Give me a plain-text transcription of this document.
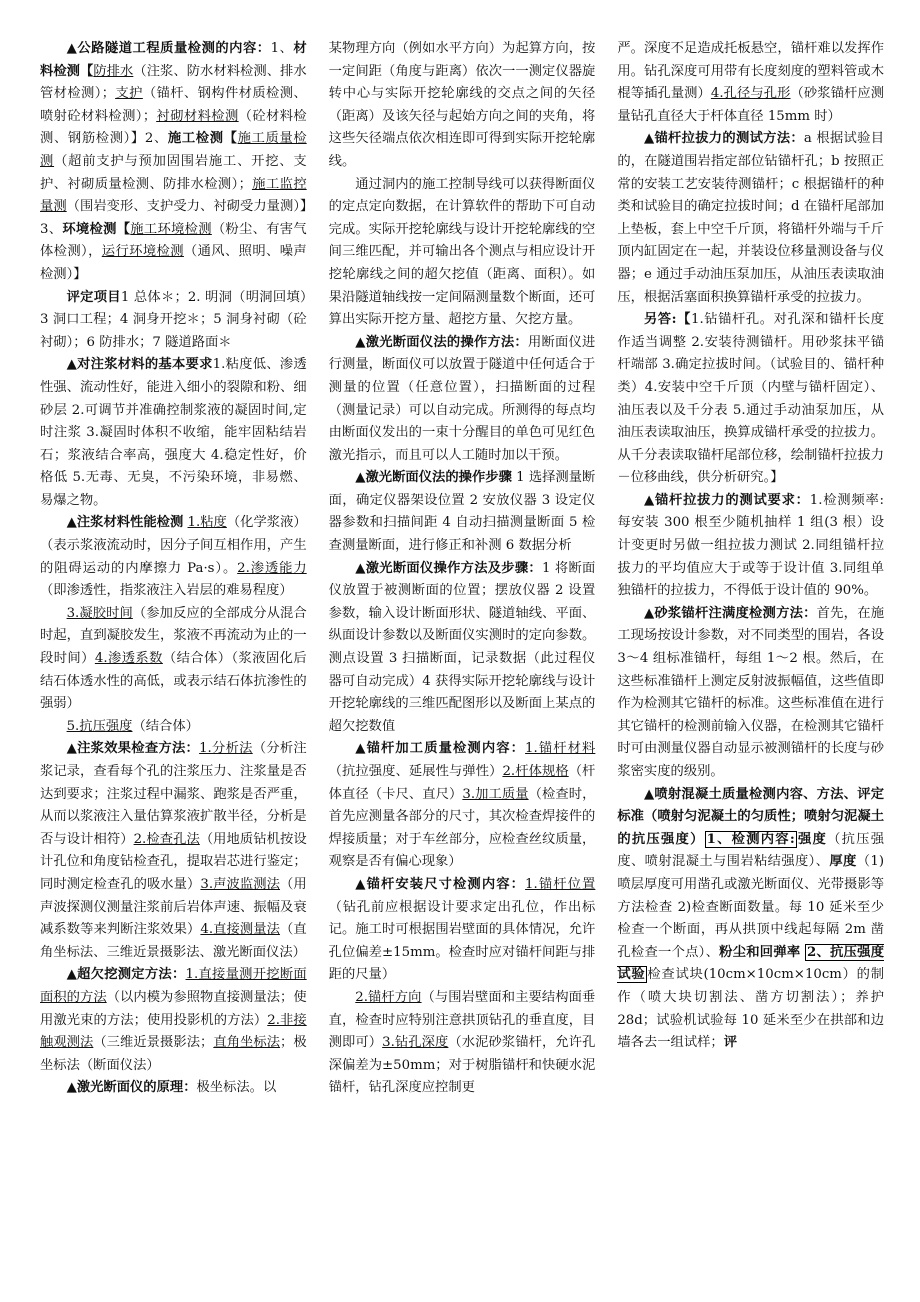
▲公路隧道工程质量检测的内容：1、材料检测【防排水（注浆、防水材料检测、排水管材检测）；支护（锚杆、钢构件材质检测、喷射砼材料检测）；衬砌材料检测（砼材料检测、钢筋检测）】2、施工检测【施工质量检测（超前支护与预加固围岩施工、开挖、支护、衬砌质量检测、防排水检测）；施工监控量测（围岩变形、支护受力、衬砌受力量测）】3、环境检测【施工环境检测（粉尘、有害气体检测），运行环境检测（通风、照明、噪声检测）】

评定项目1 总体＊；2. 明洞（明洞回填）3 洞口工程；4 洞身开挖＊；5 洞身衬砌（砼衬砌）；6 防排水；7 隧道路面＊

▲对注浆材料的基本要求1.粘度低、渗透性强、流动性好，能进入细小的裂隙和粉、细砂层 2.可调节并准确控制浆液的凝固时间,定时注浆 3.凝固时体积不收缩，能牢固粘结岩石；浆液结合率高，强度大 4.稳定性好，价格低 5.无毒、无臭，不污染环境，非易燃、易爆之物。

▲注浆材料性能检测 1.粘度（化学浆液）（表示浆液流动时，因分子间互相作用，产生的阻碍运动的内摩擦力 Pa·s）。2.渗透能力（即渗透性，指浆液注入岩层的难易程度）

3.凝胶时间（参加反应的全部成分从混合时起，直到凝胶发生，浆液不再流动为止的一段时间）4.渗透系数（结合体）（浆液固化后结石体透水性的高低，或表示结石体抗渗性的强弱）

5.抗压强度（结合体）

▲注浆效果检查方法：1.分析法（分析注浆记录，查看每个孔的注浆压力、注浆量是否达到要求；注浆过程中漏浆、跑浆是否严重，从而以浆液注入量估算浆液扩散半径，分析是否与设计相符）2.检查孔法（用地质钻机按设计孔位和角度钻检查孔，提取岩芯进行鉴定；同时测定检查孔的吸水量）3.声波监测法（用声波探测仪测量注浆前后岩体声速、振幅及衰减系数等来判断注浆效果）4.直接测量法（直角坐标法、三维近景摄影法、激光断面仪法）

▲超欠挖测定方法：1.直接量测开挖断面面积的方法（以内模为参照物直接测量法；使用激光束的方法；使用投影机的方法）2.非接触观测法（三维近景摄影法；直角坐标法；极坐标法（断面仪法）

▲激光断面仪的原理：极坐标法。以

某物理方向（例如水平方向）为起算方向，按一定间距（角度与距离）依次一一测定仪器旋转中心与实际开挖轮廓线的交点之间的矢径（距离）及该矢径与起始方向之间的夹角，将这些矢径端点依次相连即可得到实际开挖轮廓线。

通过洞内的施工控制导线可以获得断面仪的定点定向数据，在计算软件的帮助下可自动完成。实际开挖轮廓线与设计开挖轮廓线的空间三维匹配，并可输出各个测点与相应设计开挖轮廓线之间的超欠挖值（距离、面积）。如果沿隧道轴线按一定间隔测量数个断面，还可算出实际开挖方量、超挖方量、欠挖方量。

▲激光断面仪法的操作方法：用断面仪进行测量，断面仪可以放置于隧道中任何适合于测量的位置（任意位置），扫描断面的过程（测量记录）可以自动完成。所测得的每点均由断面仪发出的一束十分醒目的单色可见红色激光指示，而且可以人工随时加以干预。

▲激光断面仪法的操作步骤 1 选择测量断面，确定仪器架设位置 2 安放仪器 3 设定仪器参数和扫描间距 4 自动扫描测量断面 5 检查测量断面，进行修正和补测 6 数据分析

▲激光断面仪操作方法及步骤：1 将断面仪放置于被测断面的位置；摆放仪器 2 设置参数，输入设计断面形状、隧道轴线、平面、纵面设计参数以及断面仪实测时的定向参数。测点设置 3 扫描断面，记录数据（此过程仪器可自动完成）4 获得实际开挖轮廓线与设计开挖轮廓线的三维匹配图形以及断面上某点的超欠挖数值

▲锚杆加工质量检测内容：1.锚杆材料（抗拉强度、延展性与弹性）2.杆体规格（杆体直径（卡尺、直尺）3.加工质量（检查时，首先应测量各部分的尺寸，其次检查焊接件的焊接质量；对于车丝部分，应检查丝纹质量，观察是否有偏心现象）

▲锚杆安装尺寸检测内容：1.锚杆位置（钻孔前应根据设计要求定出孔位，作出标记。施工时可根据围岩壁面的具体情况，允许孔位偏差±15mm。检查时应对锚杆间距与排距的尺量）

2.锚杆方向（与围岩壁面和主要结构面垂直，检查时应特别注意拱顶钻孔的垂直度，目测即可）3.钻孔深度（水泥砂浆锚杆，允许孔深偏差为±50mm；对于树脂锚杆和快硬水泥锚杆，钻孔深度应控制更

严。深度不足造成托板悬空，锚杆难以发挥作用。钻孔深度可用带有长度刻度的塑料管或木棍等插孔量测）4.孔径与孔形（砂浆锚杆应测量钻孔直径大于杆体直径 15mm 时）

▲锚杆拉拔力的测试方法：a 根据试验目的，在隧道围岩指定部位钻锚杆孔；b 按照正常的安装工艺安装待测锚杆；c 根据锚杆的种类和试验目的确定拉拔时间；d 在锚杆尾部加上垫板，套上中空千斤顶，将锚杆外端与千斤顶内缸固定在一起，并装设位移量测设备与仪器；e 通过手动油压泵加压，从油压表读取油压，根据活塞面积换算锚杆承受的拉拔力。

另答:【1.钻锚杆孔。对孔深和锚杆长度作适当调整 2.安装待测锚杆。用砂浆抹平锚杆端部 3.确定拉拔时间。（试验目的、锚杆种类）4.安装中空千斤顶（内壁与锚杆固定）、油压表以及千分表 5.通过手动油泵加压，从油压表读取油压，换算成锚杆承受的拉拔力。从千分表读取锚杆尾部位移，绘制锚杆拉拔力－位移曲线，供分析研究。】

▲锚杆拉拔力的测试要求：1.检测频率: 每安装 300 根至少随机抽样 1 组(3 根）设计变更时另做一组拉拔力测试 2.同组锚杆拉拔力的平均值应大于或等于设计值 3.同组单独锚杆的拉拔力，不得低于设计值的 90%。

▲砂浆锚杆注满度检测方法：首先，在施工现场按设计参数，对不同类型的围岩，各设 3～4 组标准锚杆，每组 1～2 根。然后，在这些标准锚杆上测定反射波振幅值，这些值即作为检测其它锚杆的标准。这些标准值在进行其它锚杆的检测前输入仪器，在检测其它锚杆时可由测量仪器自动显示被测锚杆的长度与砂浆密实度的级别。

▲喷射混凝土质量检测内容、方法、评定标准（喷射匀泥凝土的匀质性；喷射匀泥凝土的抗压强度） 1、检测内容: 强度（抗压强度、喷射混凝土与围岩粘结强度）、厚度（1)喷层厚度可用凿孔或激光断面仪、光带摄影等方法检查 2)检查断面数量。每 10 延米至少检查一个断面，再从拱顶中线起每隔 2m 凿孔检查一个点）、粉尘和回弹率 2、抗压强度试验 检查试块(10cm×10cm×10cm）的制作（喷大块切割法、凿方切割法）；养护 28d；试验机试验每 10 延米至少在拱部和边墙各去一组试样；评
